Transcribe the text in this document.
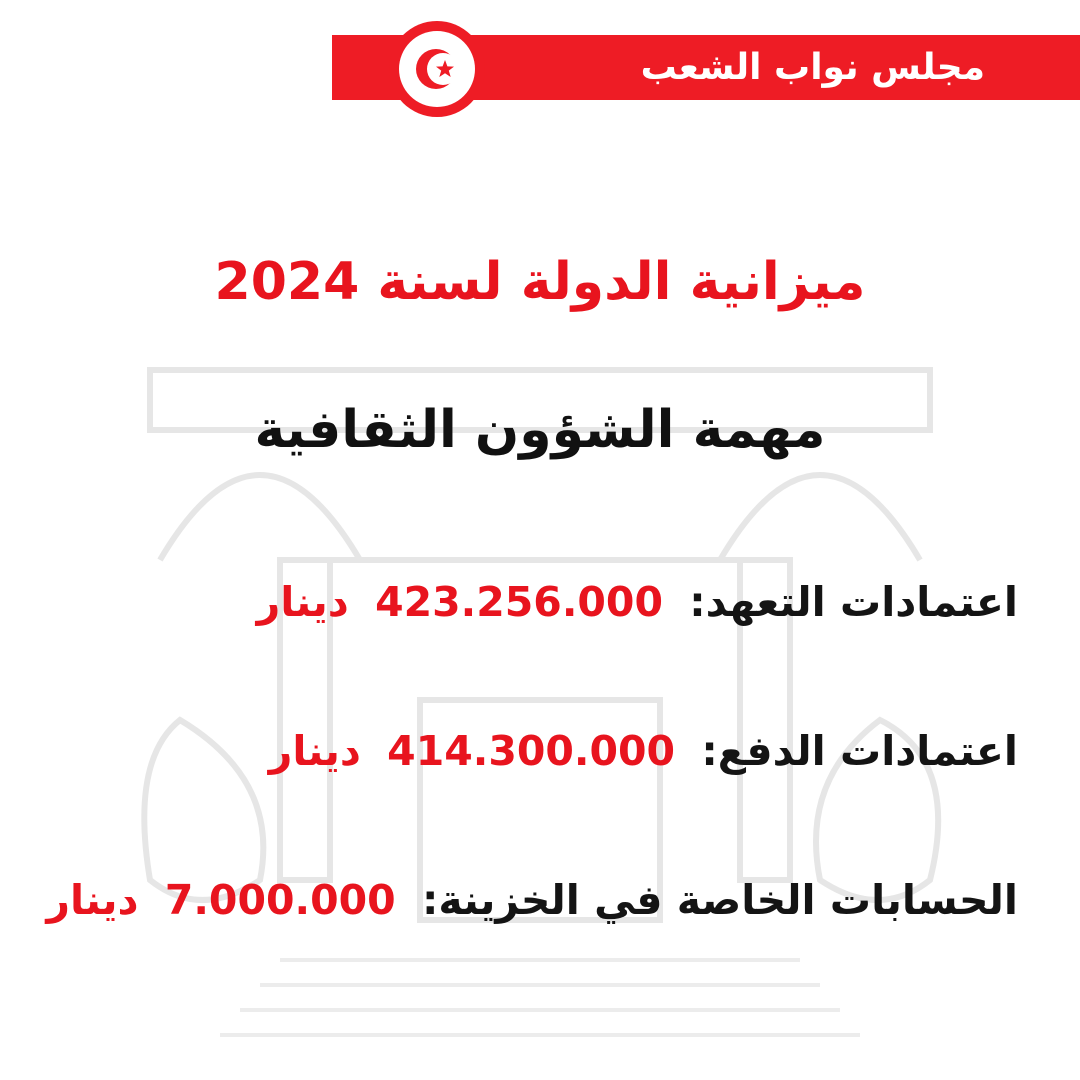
مجلس نواب الشعب
ميزانية الدولة لسنة 2024
مهمة الشؤون الثقافية
اعتمادات التعهد: 423.256.000 دينار
اعتمادات الدفع: 414.300.000 دينار
الحسابات الخاصة في الخزينة: 7.000.000 دينار
